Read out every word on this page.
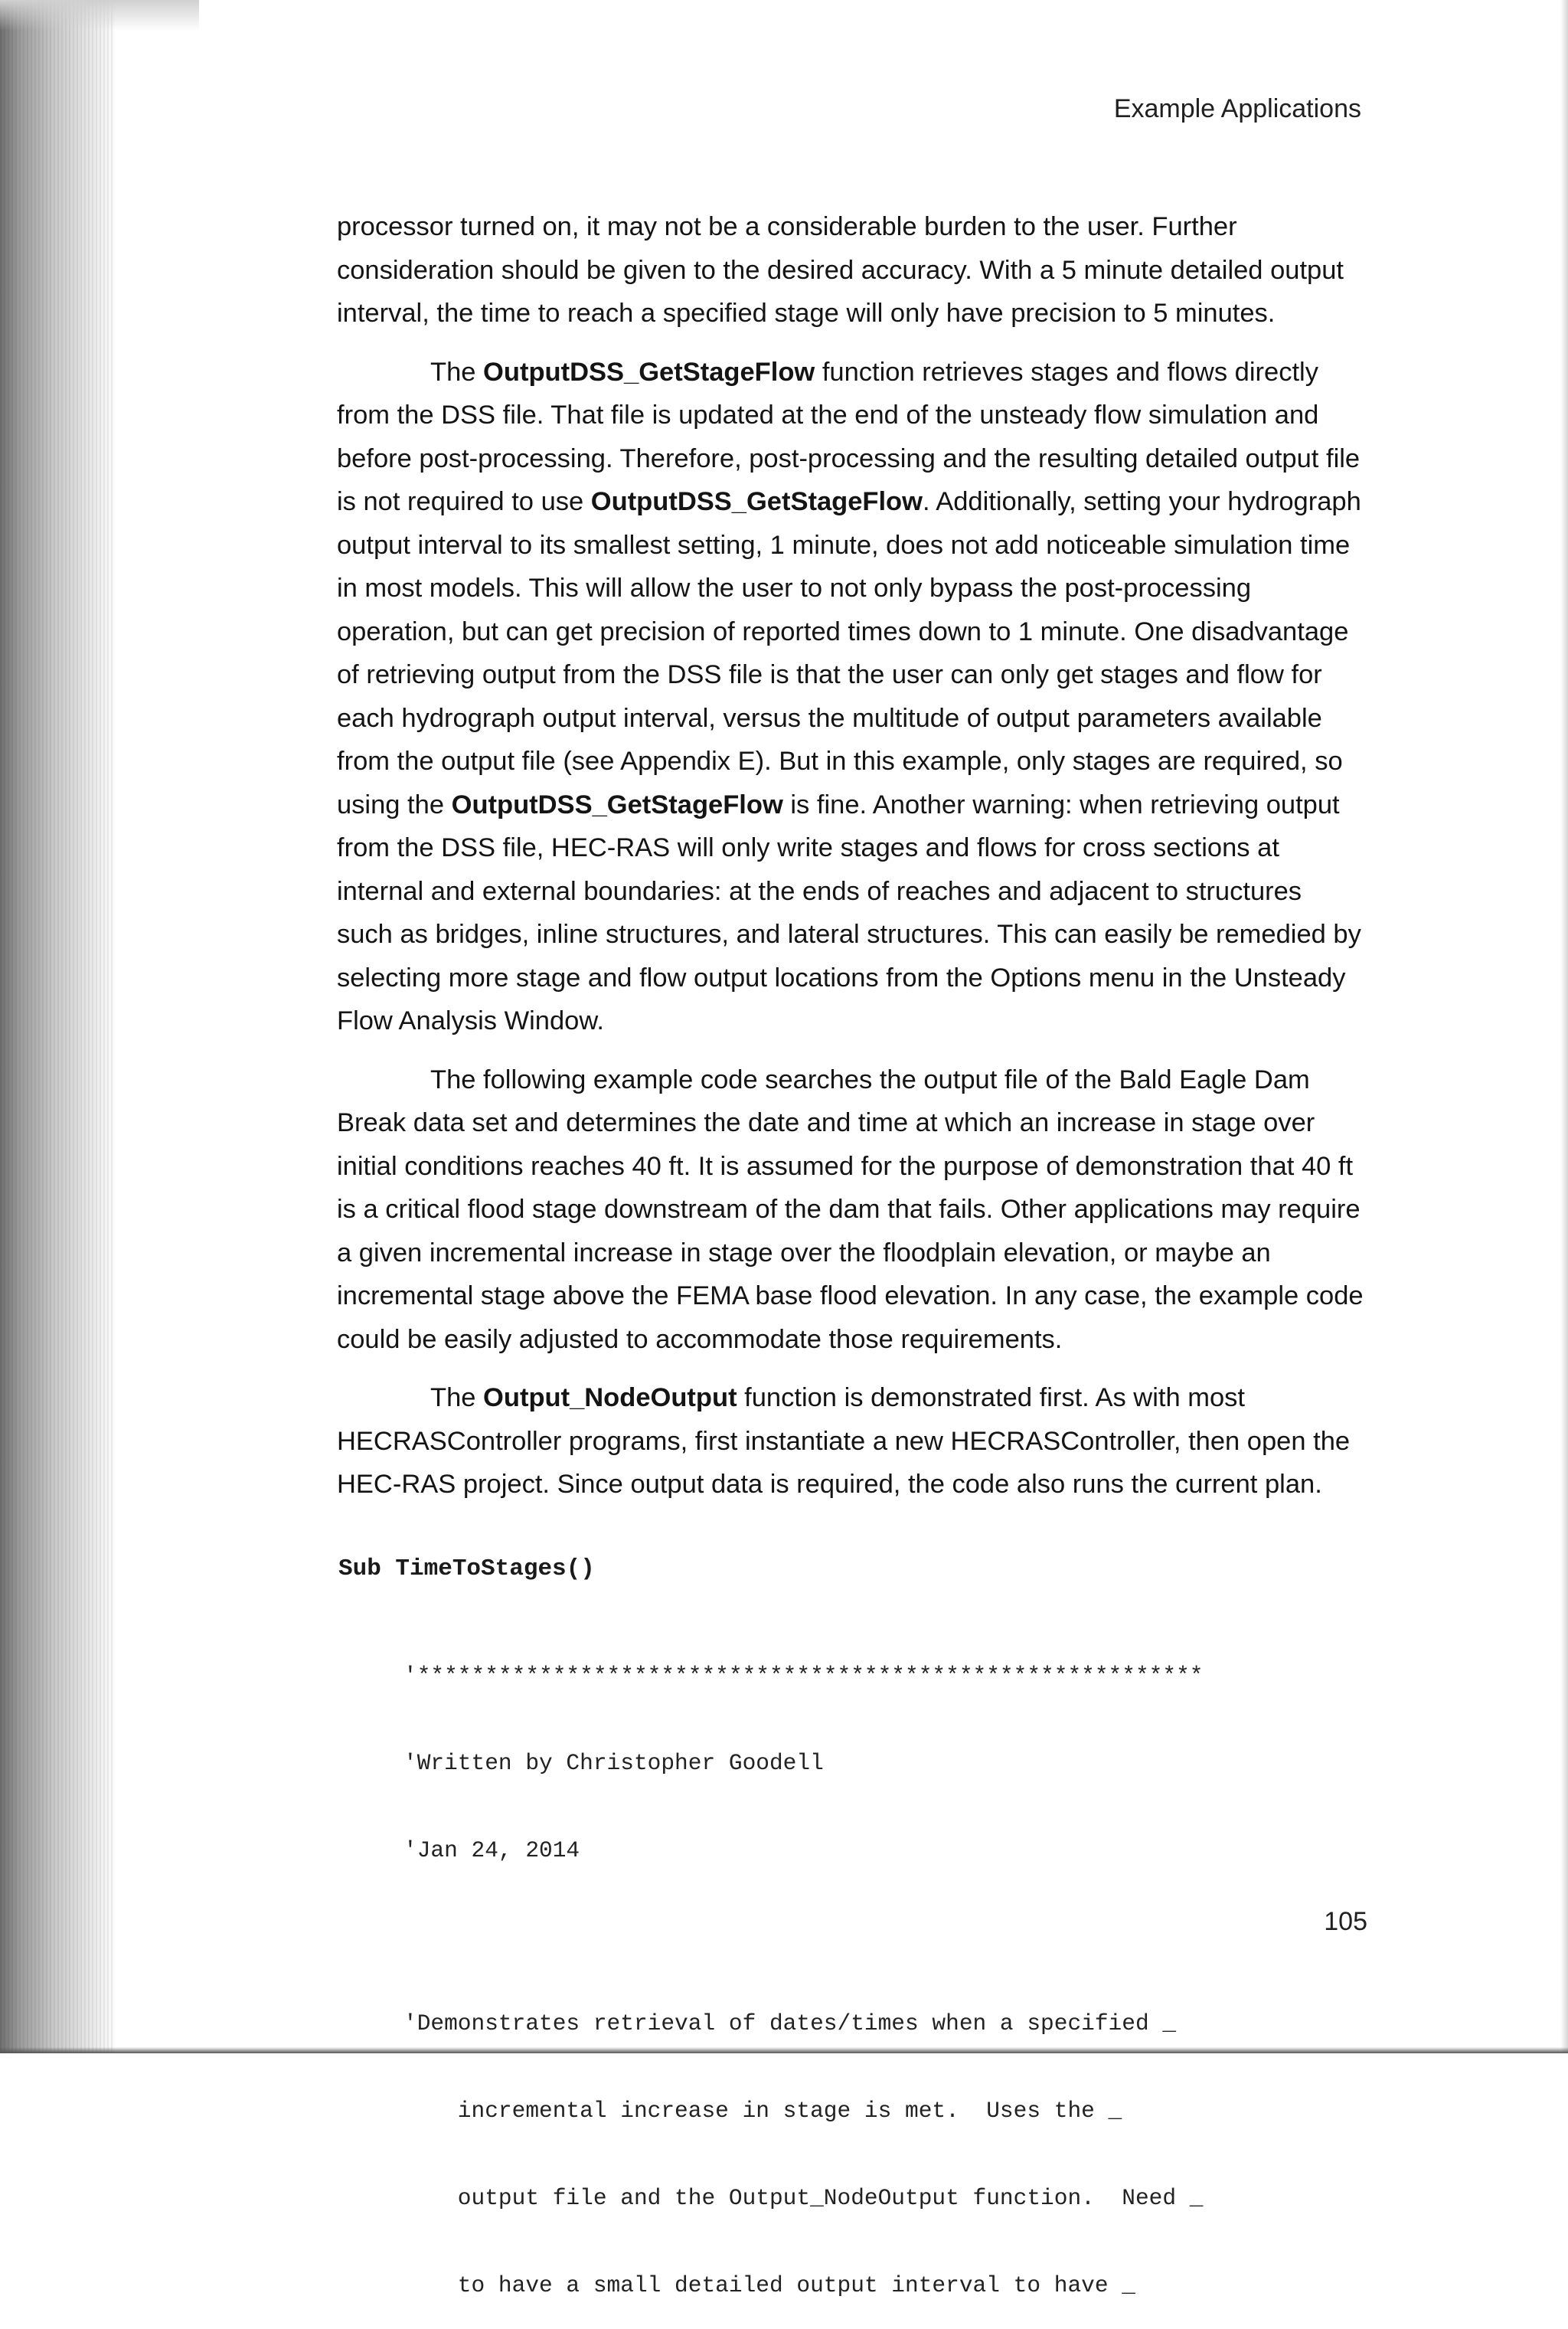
Example Applications

processor turned on, it may not be a considerable burden to the user. Further consideration should be given to the desired accuracy. With a 5 minute detailed output interval, the time to reach a specified stage will only have precision to 5 minutes.

The OutputDSS_GetStageFlow function retrieves stages and flows directly from the DSS file. That file is updated at the end of the unsteady flow simulation and before post-processing. Therefore, post-processing and the resulting detailed output file is not required to use OutputDSS_GetStageFlow. Additionally, setting your hydrograph output interval to its smallest setting, 1 minute, does not add noticeable simulation time in most models. This will allow the user to not only bypass the post-processing operation, but can get precision of reported times down to 1 minute. One disadvantage of retrieving output from the DSS file is that the user can only get stages and flow for each hydrograph output interval, versus the multitude of output parameters available from the output file (see Appendix E). But in this example, only stages are required, so using the OutputDSS_GetStageFlow is fine. Another warning: when retrieving output from the DSS file, HEC-RAS will only write stages and flows for cross sections at internal and external boundaries: at the ends of reaches and adjacent to structures such as bridges, inline structures, and lateral structures. This can easily be remedied by selecting more stage and flow output locations from the Options menu in the Unsteady Flow Analysis Window.

The following example code searches the output file of the Bald Eagle Dam Break data set and determines the date and time at which an increase in stage over initial conditions reaches 40 ft. It is assumed for the purpose of demonstration that 40 ft is a critical flood stage downstream of the dam that fails. Other applications may require a given incremental increase in stage over the floodplain elevation, or maybe an incremental stage above the FEMA base flood elevation. In any case, the example code could be easily adjusted to accommodate those requirements.

The Output_NodeOutput function is demonstrated first. As with most HECRASController programs, first instantiate a new HECRASController, then open the HEC-RAS project. Since output data is required, the code also runs the current plan.

Sub TimeToStages()

'**********************************************************

'Written by Christopher Goodell

'Jan 24, 2014

'Demonstrates retrieval of dates/times when a specified _

incremental increase in stage is met.  Uses the _

output file and the Output_NodeOutput function.  Need _

to have a small detailed output interval to have _

105
